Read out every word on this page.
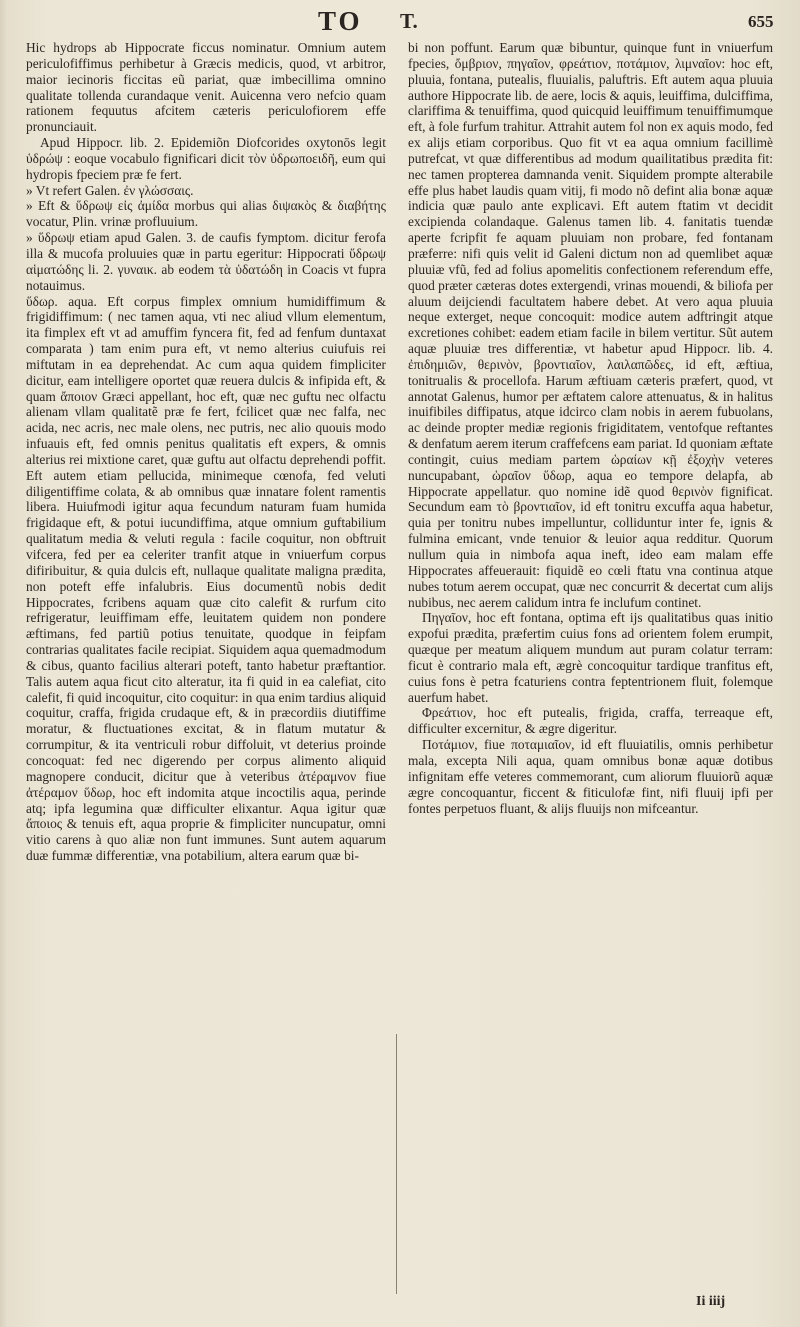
TO T.	655

Hic hydrops ab Hippocrate ficcus nominatur. Omnium autem periculofiffimus perhibetur à Græcis medicis, quod, vt arbitror, maior iecinoris ficcitas eũ pariat, quæ imbecillima omnino qualitate tollenda curandaque venit. Auicenna vero nefcio quam rationem fequutus afcitem cæteris periculofiorem effe pronunciauit.

Apud Hippocr. lib. 2. Epidemiõn Diofcorides oxytonōs legit ὑδρώψ : eoque vocabulo fignificari dicit τὸν ὑδρωποειδῆ, eum qui hydropis fpeciem præ fe fert.

» Vt refert Galen. ἐν γλώσσαις.

» Eft & ὕδρωψ εἰς ἀμίδα morbus qui alias διψακὸς & διαβήτης vocatur, Plin. vrinæ profluuium.

» ὕδρωψ etiam apud Galen. 3. de caufis fymptom. dicitur ferofa illa & mucofa proluuies quæ in partu egeritur: Hippocrati ὕδρωψ αἱματώδης li. 2. γυναικ. ab eodem τὰ ὑδατώδη in Coacis vt fupra notauimus.

ὕδωρ. aqua. Eft corpus fimplex omnium humidiffimum & frigidiffimum: ( nec tamen aqua, vti nec aliud vllum elementum, ita fimplex eft vt ad amuffim fyncera fit, fed ad fenfum duntaxat comparata ) tam enim pura eft, vt nemo alterius cuiufuis rei miftutam in ea deprehendat. Ac cum aqua quidem fimpliciter dicitur, eam intelligere oportet quæ reuera dulcis & infipida eft, & quam ἄποιον Græci appellant, hoc eft, quæ nec guftu nec olfactu alienam vllam qualitatẽ præ fe fert, fcilicet quæ nec falfa, nec acida, nec acris, nec male olens, nec putris, nec alio quouis modo infuauis eft, fed omnis penitus qualitatis eft expers, & omnis alterius rei mixtione caret, quæ guftu aut olfactu deprehendi poffit. Eft autem etiam pellucida, minimeque cœnofa, fed veluti diligentiffime colata, & ab omnibus quæ innatare folent ramentis libera. Huiufmodi igitur aqua fecundum naturam fuam humida frigidaque eft, & potui iucundiffima, atque omnium guftabilium qualitatum media & veluti regula : facile coquitur, non obftruit vifcera, fed per ea celeriter tranfit atque in vniuerfum corpus difiribuitur, & quia dulcis eft, nullaque qualitate maligna prædita, non poteft effe infalubris. Eius documentũ nobis dedit Hippocrates, fcribens aquam quæ cito calefit & rurfum cito refrigeratur, leuiffimam effe, leuitatem quidem non pondere æftimans, fed partiũ potius tenuitate, quodque in feipfam contrarias qualitates facile recipiat. Siquidem aqua quemadmodum & cibus, quanto facilius alterari poteft, tanto habetur præftantior. Talis autem aqua ficut cito alteratur, ita fi quid in ea calefiat, cito calefit, fi quid incoquitur, cito coquitur: in qua enim tardius aliquid coquitur, craffa, frigida crudaque eft, & in præcordiis diutiffime moratur, & fluctuationes excitat, & in flatum mutatur & corrumpitur, & ita ventriculi robur diffoluit, vt deterius proinde concoquat: fed nec digerendo per corpus alimento aliquid magnopere conducit, dicitur que à veteribus ἀτέραμνον fiue ἀτέραμον ὕδωρ, hoc eft indomita atque incoctilis aqua, perinde atq; ipfa legumina quæ difficulter elixantur. Aqua igitur quæ ἄποιος & tenuis eft, aqua proprie & fimpliciter nuncupatur, omni vitio carens à quo aliæ non funt immunes. Sunt autem aquarum duæ fummæ differentiæ, vna potabilium, altera earum quæ bi-

bi non poffunt. Earum quæ bibuntur, quinque funt in vniuerfum fpecies, ὄμβριον, πηγαῖον, φρεάτιον, ποτάμιον, λιμναῖον: hoc eft, pluuia, fontana, putealis, fluuialis, paluftris. Eft autem aqua pluuia authore Hippocrate lib. de aere, locis & aquis, leuiffima, dulciffima, clariffima & tenuiffima, quod quicquid leuiffimum tenuiffimumque eft, à fole furfum trahitur. Attrahit autem fol non ex aquis modo, fed ex alijs etiam corporibus. Quo fit vt ea aqua omnium facillimè putrefcat, vt quæ differentibus ad modum quailitatibus prædita fit: nec tamen propterea damnanda venit. Siquidem prompte alterabile effe plus habet laudis quam vitij, fi modo nõ defint alia bonæ aquæ indicia quæ paulo ante explicavi. Eft autem ftatim vt decidit excipienda colandaque. Galenus tamen lib. 4. fanitatis tuendæ aperte fcripfit fe aquam pluuiam non probare, fed fontanam præferre: nifi quis velit id Galeni dictum non ad quemlibet aquæ pluuiæ vfũ, fed ad folius apomelitis confectionem referendum effe, quod præter cæteras dotes extergendi, vrinas mouendi, & biliofa per aluum deijciendi facultatem habere debet. At vero aqua pluuia neque exterget, neque concoquit: modice autem adftringit atque excretiones cohibet: eadem etiam facile in bilem vertitur. Sũt autem aquæ pluuiæ tres differentiæ, vt habetur apud Hippocr. lib. 4. ἐπιδημιῶν, θερινὸν, βροντιαῖον, λαιλαπῶδες, id eft, æftiua, tonitrualis & procellofa. Harum æftiuam cæteris præfert, quod, vt annotat Galenus, humor per æftatem calore attenuatus, & in halitus inuifibiles diffipatus, atque idcirco clam nobis in aerem fubuolans, ac deinde propter mediæ regionis frigiditatem, ventofque reftantes & denfatum aerem iterum craffefcens eam pariat. Id quoniam æftate contingit, cuius mediam partem ὡραίων κῇ ἐξοχὴν veteres nuncupabant, ὡραῖον ὕδωρ, aqua eo tempore delapfa, ab Hippocrate appellatur. quo nomine idẽ quod θερινὸν fignificat. Secundum eam τὸ βροντιαῖον, id eft tonitru excuffa aqua habetur, quia per tonitru nubes impelluntur, colliduntur inter fe, ignis & fulmina emicant, vnde tenuior & leuior aqua redditur. Quorum nullum quia in nimbofa aqua ineft, ideo eam malam effe Hippocrates affeuerauit: fiquidẽ eo cœli ftatu vna continua atque nubes totum aerem occupat, quæ nec concurrit & decertat cum alijs nubibus, nec aerem calidum intra fe inclufum continet.

Πηγαῖον, hoc eft fontana, optima eft ijs qualitatibus quas initio expofui prædita, præfertim cuius fons ad orientem folem erumpit, quæque per meatum aliquem mundum aut puram colatur terram: ficut è contrario mala eft, ægrè concoquitur tardique tranfitus eft, cuius fons è petra fcaturiens contra feptentrionem fluit, folemque auerfum habet.

Φρεάτιον, hoc eft putealis, frigida, craffa, terreaque eft, difficulter excernitur, & ægre digeritur.

Ποτάμιον, fiue ποταμιαῖον, id eft fluuiatilis, omnis perhibetur mala, excepta Nili aqua, quam omnibus bonæ aquæ dotibus infignitam effe veteres commemorant, cum aliorum fluuiorũ aquæ ægre concoquantur, ficcent & fiticulofæ fint, nifi fluuij ipfi per fontes perpetuos fluant, & alijs fluuijs non mifceantur.

Ii iiij
